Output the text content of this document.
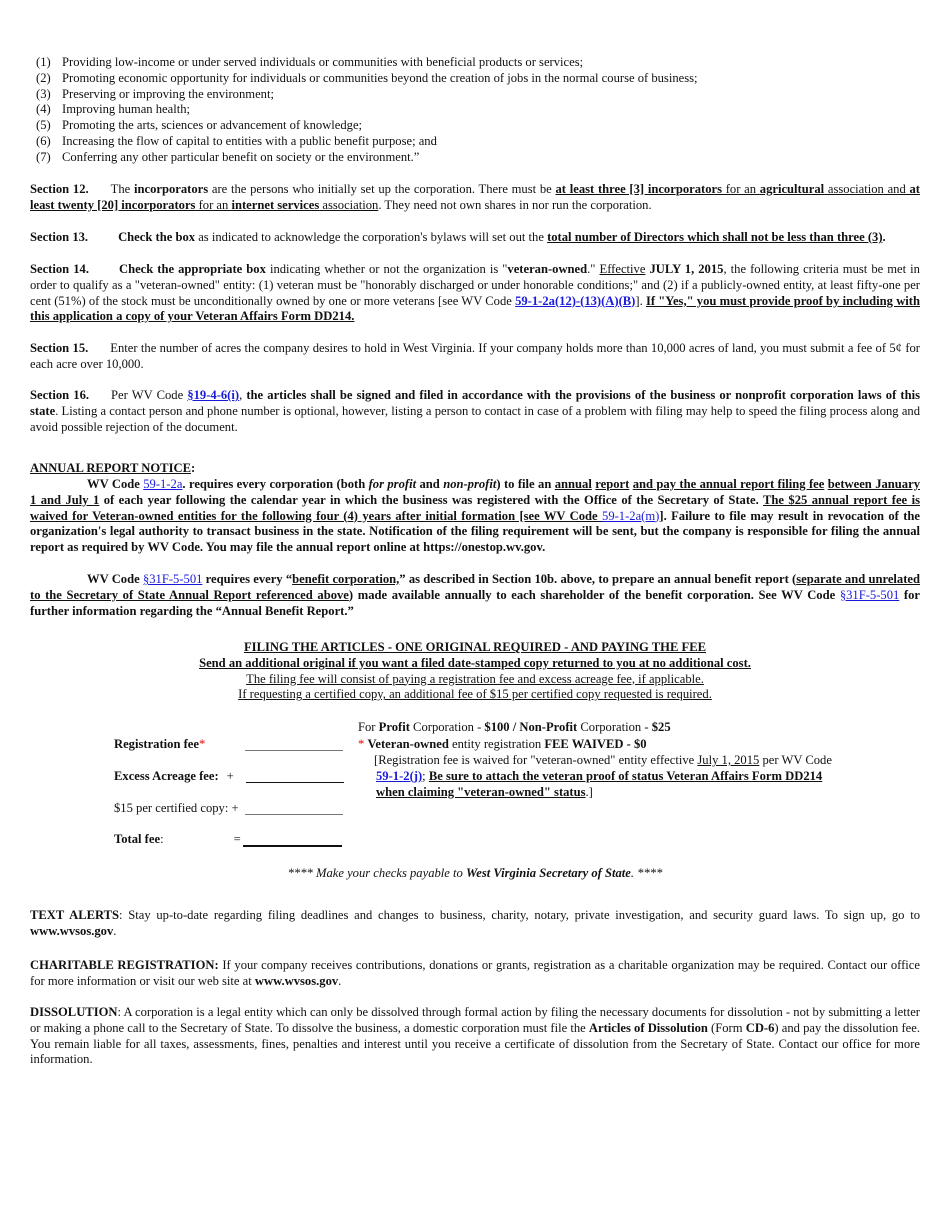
(1) Providing low-income or under served individuals or communities with beneficial products or services;
(2) Promoting economic opportunity for individuals or communities beyond the creation of jobs in the normal course of business;
(3) Preserving or improving the environment;
(4) Improving human health;
(5) Promoting the arts, sciences or advancement of knowledge;
(6) Increasing the flow of capital to entities with a public benefit purpose; and
(7) Conferring any other particular benefit on society or the environment.”

Section 12. The incorporators are the persons who initially set up the corporation. There must be at least three [3] incorporators for an agricultural association and at least twenty [20] incorporators for an internet services association. They need not own shares in nor run the corporation.

Section 13. Check the box as indicated to acknowledge the corporation's bylaws will set out the total number of Directors which shall not be less than three (3).

Section 14. Check the appropriate box indicating whether or not the organization is "veteran-owned." Effective JULY 1, 2015, the following criteria must be met in order to qualify as a "veteran-owned" entity: (1) veteran must be "honorably discharged or under honorable conditions;" and (2) if a publicly-owned entity, at least fifty-one per cent (51%) of the stock must be unconditionally owned by one or more veterans [see WV Code 59-1-2a(12)-(13)(A)(B)]. If "Yes," you must provide proof by including with this application a copy of your Veteran Affairs Form DD214.

Section 15. Enter the number of acres the company desires to hold in West Virginia. If your company holds more than 10,000 acres of land, you must submit a fee of 5¢ for each acre over 10,000.

Section 16. Per WV Code §19-4-6(i), the articles shall be signed and filed in accordance with the provisions of the business or nonprofit corporation laws of this state. Listing a contact person and phone number is optional, however, listing a person to contact in case of a problem with filing may help to speed the filing process along and avoid possible rejection of the document.

ANNUAL REPORT NOTICE:

WV Code 59-1-2a. requires every corporation (both for profit and non-profit) to file an annual report and pay the annual report filing fee between January 1 and July 1 of each year following the calendar year in which the business was registered with the Office of the Secretary of State. The $25 annual report fee is waived for Veteran-owned entities for the following four (4) years after initial formation [see WV Code 59-1-2a(m)]. Failure to file may result in revocation of the organization's legal authority to transact business in the state. Notification of the filing requirement will be sent, but the company is responsible for filing the annual report as required by WV Code. You may file the annual report online at https://onestop.wv.gov.

WV Code §31F-5-501 requires every “benefit corporation,” as described in Section 10b. above, to prepare an annual benefit report (separate and unrelated to the Secretary of State Annual Report referenced above) made available annually to each shareholder of the benefit corporation. See WV Code §31F-5-501 for further information regarding the “Annual Benefit Report.”

FILING THE ARTICLES - ONE ORIGINAL REQUIRED - AND PAYING THE FEE
Send an additional original if you want a filed date-stamped copy returned to you at no additional cost.
The filing fee will consist of paying a registration fee and excess acreage fee, if applicable.
If requesting a certified copy, an additional fee of $15 per certified copy requested is required.
For Profit Corporation - $100 / Non-Profit Corporation - $25
Registration fee*	* Veteran-owned entity registration FEE WAIVED - $0
[Registration fee is waived for "veteran-owned" entity effective July 1, 2015 per WV Code
Excess Acreage fee: +	59-1-2(j); Be sure to attach the veteran proof of status Veteran Affairs Form DD214
when claiming "veteran-owned" status.]
$15 per certified copy: +
Total fee:	=
**** Make your checks payable to West Virginia Secretary of State. ****

TEXT ALERTS: Stay up-to-date regarding filing deadlines and changes to business, charity, notary, private investigation, and security guard laws. To sign up, go to www.wvsos.gov.

CHARITABLE REGISTRATION: If your company receives contributions, donations or grants, registration as a charitable organization may be required. Contact our office for more information or visit our web site at www.wvsos.gov.

DISSOLUTION: A corporation is a legal entity which can only be dissolved through formal action by filing the necessary documents for dissolution - not by submitting a letter or making a phone call to the Secretary of State. To dissolve the business, a domestic corporation must file the Articles of Dissolution (Form CD-6) and pay the dissolution fee. You remain liable for all taxes, assessments, fines, penalties and interest until you receive a certificate of dissolution from the Secretary of State. Contact our office for more information.
